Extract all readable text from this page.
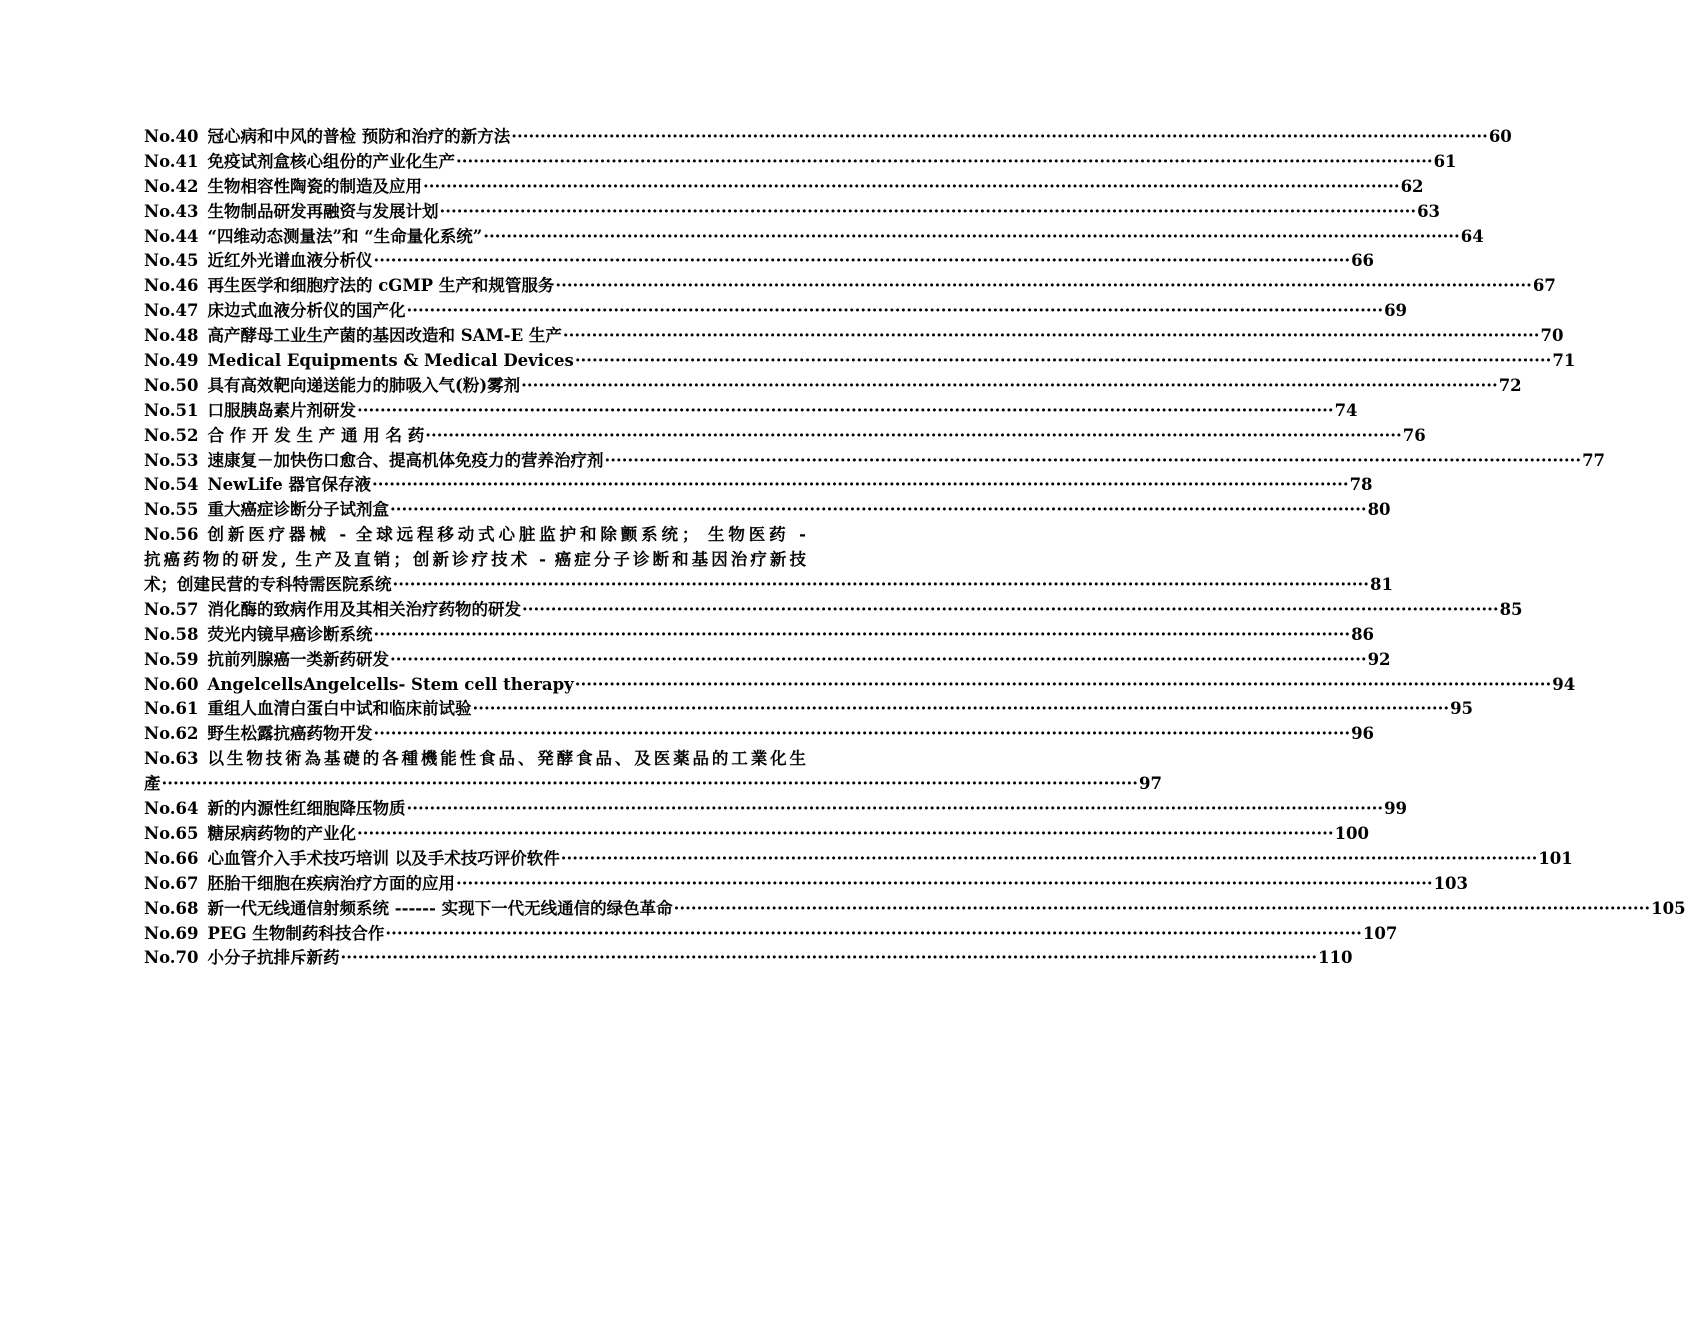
No.40 冠心病和中风的普检 预防和治疗的新方法 ·····	60
No.41 免疫试剂盒核心组份的产业化生产 ·····	61
No.42 生物相容性陶瓷的制造及应用 ·····	62
No.43 生物制品研发再融资与发展计划 ·····	63
No.44 “四维动态测量法”和 “生命量化系统” ·····	64
No.45 近红外光谱血液分析仪 ·····	66
No.46 再生医学和细胞疗法的 cGMP 生产和规管服务 ·····	67
No.47 床边式血液分析仪的国产化 ·····	69
No.48 高产酵母工业生产菌的基因改造和 SAM-E 生产 ·····	70
No.49 Medical Equipments & Medical Devices ·····	71
No.50 具有高效靶向递送能力的肺吸入气(粉)雾剂 ·····	72
No.51 口服胰岛素片剂研发 ·····	74
No.52 合 作 开 发 生 产 通 用 名 药 ·····	76
No.53 速康复－加快伤口愈合、提高机体免疫力的营养治疗剂 ·····	77
No.54 NewLife 器官保存液 ·····	78
No.55 重大癌症诊断分子试剂盒 ·····	80
No.56 创新医疗器械 - 全球远程移动式心脏监护和除颤系统； 生物医药 -
抗癌药物的研发, 生产及直销；创新诊疗技术 - 癌症分子诊断和基因治疗新技
术；创建民营的专科特需医院系统 ·····	81
No.57 消化酶的致病作用及其相关治疗药物的研发 ·····	85
No.58 荧光内镜早癌诊断系统 ·····	86
No.59 抗前列腺癌一类新药研发 ·····	92
No.60 AngelcellsAngelcells- Stem cell therapy ·····	94
No.61 重组人血清白蛋白中试和临床前试验 ·····	95
No.62 野生松露抗癌药物开发 ·····	96
No.63 以生物技術為基礎的各種機能性食品、発酵食品、及医薬品的工業化生
產 ·····	97
No.64 新的内源性红细胞降压物质 ·····	99
No.65 糖尿病药物的产业化 ·····	100
No.66 心血管介入手术技巧培训 以及手术技巧评价软件 ·····	101
No.67 胚胎干细胞在疾病治疗方面的应用 ·····	103
No.68 新一代无线通信射频系统 ------ 实现下一代无线通信的绿色革命 ·····	105
No.69 PEG 生物制药科技合作 ·····	107
No.70 小分子抗排斥新药 ·····	110
